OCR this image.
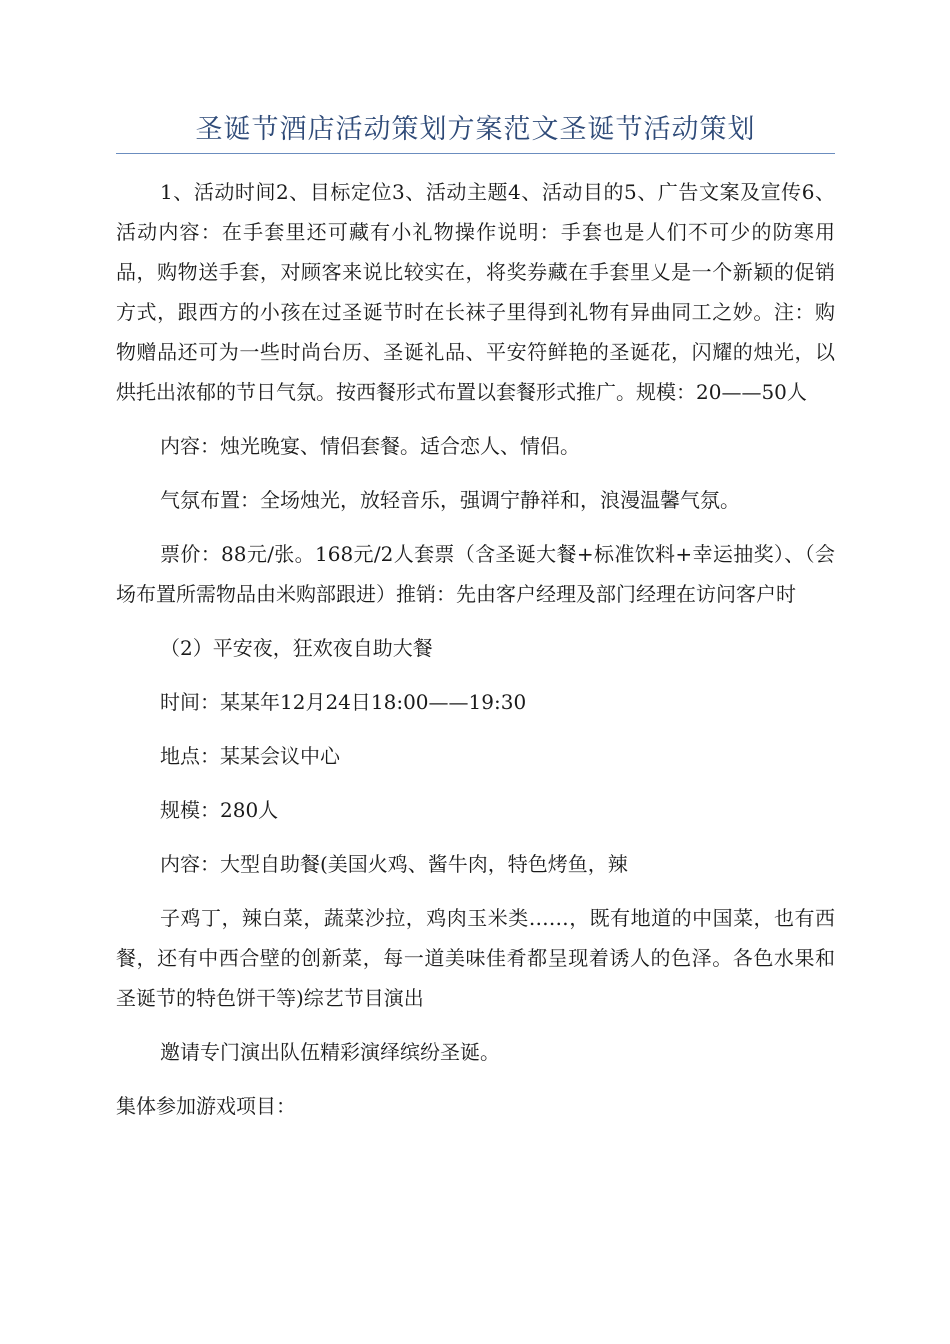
圣诞节酒店活动策划方案范文圣诞节活动策划

1、活动时间2、目标定位3、活动主题4、活动目的5、广告文案及宣传6、活动内容：在手套里还可藏有小礼物操作说明：手套也是人们不可少的防寒用品，购物送手套，对顾客来说比较实在，将奖券藏在手套里乂是一个新颖的促销方式，跟西方的小孩在过圣诞节时在长袜子里得到礼物有异曲同工之妙。注：购物赠品还可为一些时尚台历、圣诞礼品、平安符鲜艳的圣诞花，闪耀的烛光，以烘托出浓郁的节日气氛。按西餐形式布置以套餐形式推广。规模：20——50人

内容：烛光晚宴、情侣套餐。适合恋人、情侣。

气氛布置：全场烛光，放轻音乐，强调宁静祥和，浪漫温馨气氛。

票价：88元/张。168元/2人套票（含圣诞大餐+标准饮料+幸运抽奖）、（会场布置所需物品由米购部跟进）推销：先由客户经理及部门经理在访问客户时

（2）平安夜，狂欢夜自助大餐

时间：某某年12月24日18:00——19:30

地点：某某会议中心

规模：280人

内容：大型自助餐(美国火鸡、酱牛肉，特色烤鱼，辣

子鸡丁，辣白菜，蔬菜沙拉，鸡肉玉米类……，既有地道的中国菜，也有西餐，还有中西合壁的创新菜，每一道美味佳肴都呈现着诱人的色泽。各色水果和圣诞节的特色饼干等)综艺节目演出

邀请专门演出队伍精彩演绎缤纷圣诞。

集体参加游戏项目：
